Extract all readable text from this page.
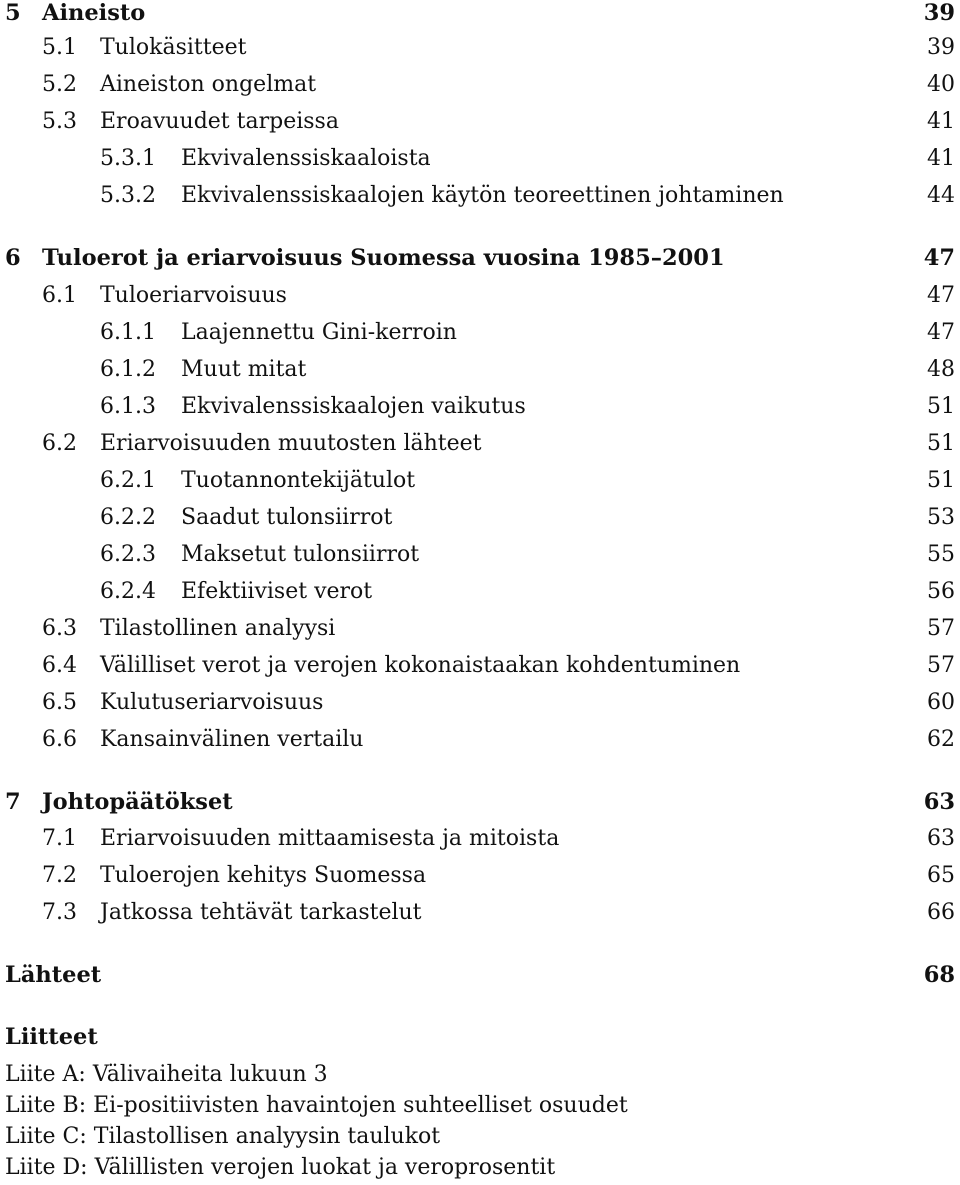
5 Aineisto	39
5.1 Tulokäsitteet	39
5.2 Aineiston ongelmat	40
5.3 Eroavuudet tarpeissa	41
5.3.1 Ekvivalenssiskaaloista	41
5.3.2 Ekvivalenssiskaalojen käytön teoreettinen johtaminen	44
6 Tuloerot ja eriarvoisuus Suomessa vuosina 1985–2001	47
6.1 Tuloeriarvoisuus	47
6.1.1 Laajennettu Gini-kerroin	47
6.1.2 Muut mitat	48
6.1.3 Ekvivalenssiskaalojen vaikutus	51
6.2 Eriarvoisuuden muutosten lähteet	51
6.2.1 Tuotannontekijätulot	51
6.2.2 Saadut tulonsiirrot	53
6.2.3 Maksetut tulonsiirrot	55
6.2.4 Efektiiviset verot	56
6.3 Tilastollinen analyysi	57
6.4 Välilliset verot ja verojen kokonaistaakan kohdentuminen	57
6.5 Kulutuseriarvoisuus	60
6.6 Kansainvälinen vertailu	62
7 Johtopäätökset	63
7.1 Eriarvoisuuden mittaamisesta ja mitoista	63
7.2 Tuloerojen kehitys Suomessa	65
7.3 Jatkossa tehtävät tarkastelut	66
Lähteet	68
Liitteet
Liite A: Välivaiheita lukuun 3
Liite B: Ei-positiivisten havaintojen suhteelliset osuudet
Liite C: Tilastollisen analyysin taulukot
Liite D: Välillisten verojen luokat ja veroprosentit
